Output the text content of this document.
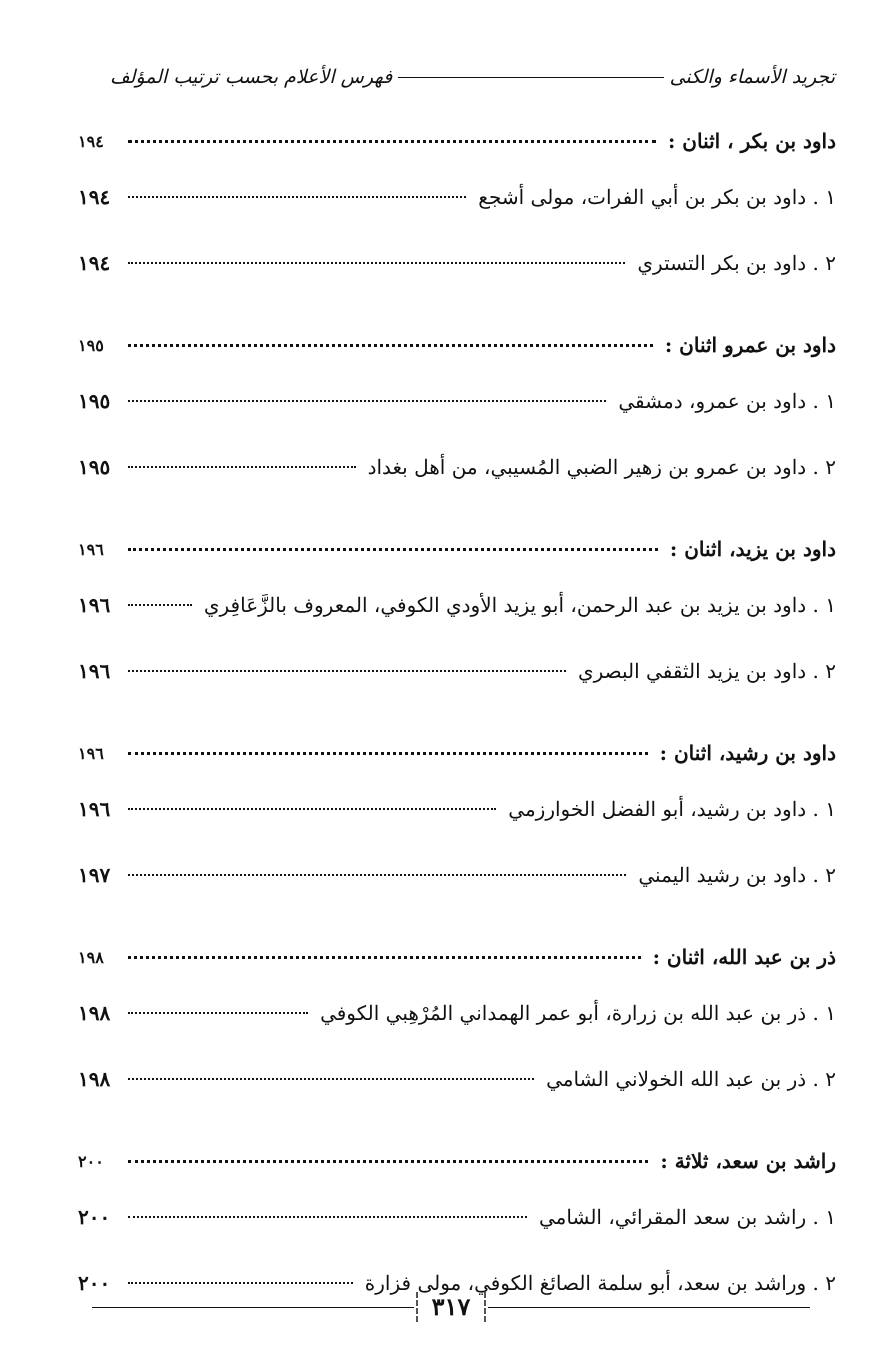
تجريد الأسماء والكنى
فهرس الأعلام بحسب ترتيب المؤلف
داود بن بكر ، اثنان :
١٩٤
١ . داود بن بكر بن أبي الفرات، مولى أشجع
١٩٤
٢ . داود بن بكر التستري
١٩٤
داود بن عمرو اثنان :
١٩٥
١ . داود بن عمرو، دمشقي
١٩٥
٢ . داود بن عمرو بن زهير الضبي المُسيبي، من أهل بغداد
١٩٥
داود بن يزيد، اثنان :
١٩٦
١ . داود بن يزيد بن عبد الرحمن، أبو يزيد الأودي الكوفي، المعروف بالزَّعَافِري
١٩٦
٢ . داود بن يزيد الثقفي البصري
١٩٦
داود بن رشيد، اثنان :
١٩٦
١ . داود بن رشيد، أبو الفضل الخوارزمي
١٩٦
٢ . داود بن رشيد اليمني
١٩٧
ذر بن عبد الله، اثنان :
١٩٨
١ . ذر بن عبد الله بن زرارة، أبو عمر الهمداني المُرْهِبي الكوفي
١٩٨
٢ . ذر بن عبد الله الخولاني الشامي
١٩٨
راشد بن سعد، ثلاثة :
٢٠٠
١ . راشد بن سعد المقرائي، الشامي
٢٠٠
٢ . وراشد بن سعد، أبو سلمة الصائغ الكوفي، مولى فزارة
٢٠٠
٣١٧
